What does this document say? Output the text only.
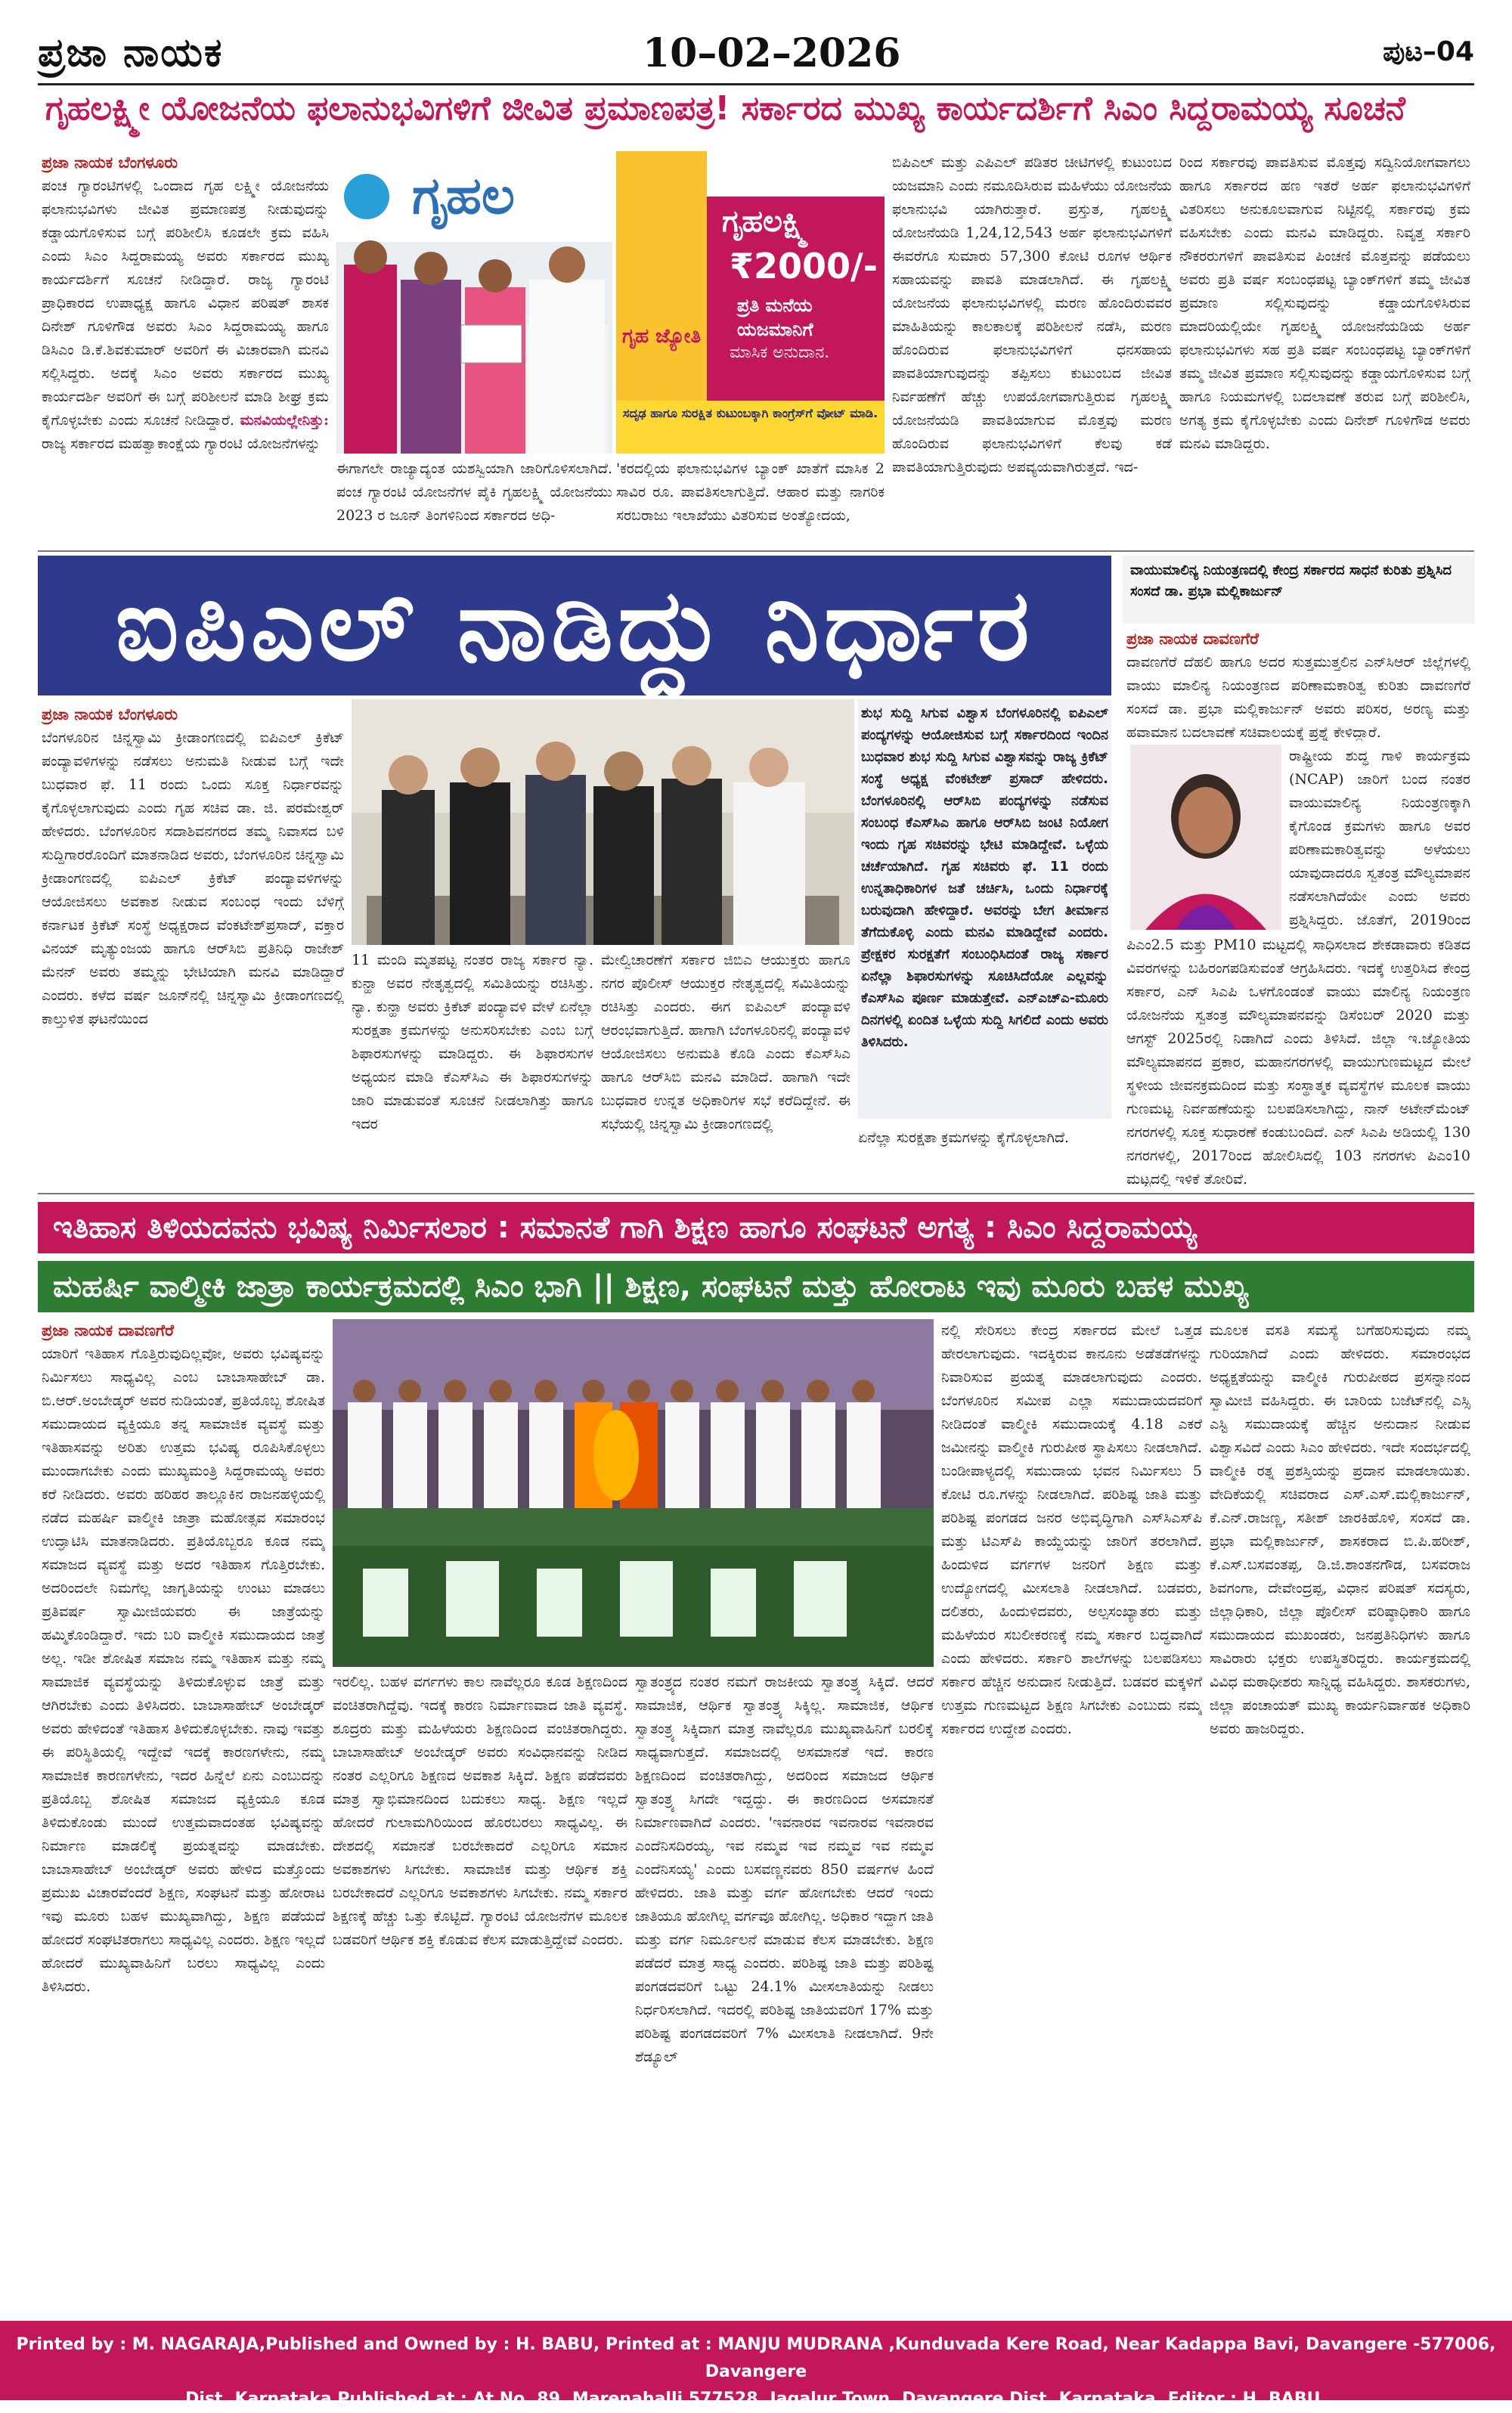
ಪ್ರಜಾ ನಾಯಕ	10–02–2026	ಪುಟ–04
ಗೃಹಲಕ್ಷ್ಮೀ ಯೋಜನೆಯ ಫಲಾನುಭವಿಗಳಿಗೆ ಜೀವಿತ ಪ್ರಮಾಣಪತ್ರ! ಸರ್ಕಾರದ ಮುಖ್ಯ ಕಾರ್ಯದರ್ಶಿಗೆ ಸಿಎಂ ಸಿದ್ದರಾಮಯ್ಯ ಸೂಚನೆ
ಪ್ರಜಾ ನಾಯಕ ಬೆಂಗಳೂರು
ಪಂಚ ಗ್ಯಾರಂಟಿಗಳಲ್ಲಿ ಒಂದಾದ ಗೃಹ ಲಕ್ಷ್ಮೀ ಯೋಜನೆಯ ಫಲಾನುಭವಿಗಳು ಜೀವಿತ ಪ್ರಮಾಣಪತ್ರ ನೀಡುವುದನ್ನು ಕಡ್ಡಾಯಗೊಳಿಸುವ ಬಗ್ಗೆ ಪರಿಶೀಲಿಸಿ ಕೂಡಲೇ ಕ್ರಮ ವಹಿಸಿ ಎಂದು ಸಿಎಂ ಸಿದ್ದರಾಮಯ್ಯ ಅವರು ಸರ್ಕಾರದ ಮುಖ್ಯ ಕಾರ್ಯದರ್ಶಿಗೆ ಸೂಚನೆ ನೀಡಿದ್ದಾರೆ. ರಾಜ್ಯ ಗ್ಯಾರಂಟಿ ಪ್ರಾಧಿಕಾರದ ಉಪಾಧ್ಯಕ್ಷ ಹಾಗೂ ವಿಧಾನ ಪರಿಷತ್ ಶಾಸಕ ದಿನೇಶ್ ಗೂಳಿಗೌಡ ಅವರು ಸಿಎಂ ಸಿದ್ದರಾಮಯ್ಯ ಹಾಗೂ ಡಿಸಿಎಂ ಡಿ.ಕೆ.ಶಿವಕುಮಾರ್ ಅವರಿಗೆ ಈ ವಿಚಾರವಾಗಿ ಮನವಿ ಸಲ್ಲಿಸಿದ್ದರು. ಅದಕ್ಕೆ ಸಿಎಂ ಅವರು ಸರ್ಕಾರದ ಮುಖ್ಯ ಕಾರ್ಯದರ್ಶಿ ಅವರಿಗೆ ಈ ಬಗ್ಗೆ ಪರಿಶೀಲನೆ ಮಾಡಿ ಶೀಘ್ರ ಕ್ರಮ ಕೈಗೊಳ್ಳಬೇಕು ಎಂದು ಸೂಚನೆ ನೀಡಿದ್ದಾರೆ. ಮನವಿಯಲ್ಲೇನಿತ್ತು: ರಾಜ್ಯ ಸರ್ಕಾರದ ಮಹತ್ವಾಕಾಂಕ್ಷೆಯ ಗ್ಯಾರಂಟಿ ಯೋಜನೆಗಳನ್ನು
ಗೃಹಲ	ಗೃಹಲಕ್ಷ್ಮಿ
₹2000/-
ಪ್ರತಿ ಮನೆಯ
ಯಜಮಾನಿಗೆ
ಮಾಸಿಕ ಅನುದಾನ.
ಗೃಹ ಜ್ಯೋತಿ
ಸದೃಢ ಹಾಗೂ ಸುರಕ್ಷಿತ ಕುಟುಂಬಕ್ಕಾಗಿ ಕಾಂಗ್ರೆಸ್‌ಗೆ ವೋಟ್ ಮಾಡಿ.
ಈಗಾಗಲೇ ರಾಜ್ಯಾದ್ಯಂತ ಯಶಸ್ವಿಯಾಗಿ ಜಾರಿಗೊಳಿಸಲಾಗಿದೆ. ಪಂಚ ಗ್ಯಾರಂಟಿ ಯೋಜನೆಗಳ ಪೈಕಿ ಗೃಹಲಕ್ಷ್ಮಿ ಯೋಜನೆಯು 2023 ರ ಜೂನ್ ತಿಂಗಳಿನಿಂದ ಸರ್ಕಾರದ ಅಧಿ-
'ಕರದಲ್ಲಿಯ ಫಲಾನುಭವಿಗಳ ಬ್ಯಾಂಕ್ ಖಾತೆಗೆ ಮಾಸಿಕ 2 ಸಾವಿರ ರೂ. ಪಾವತಿಸಲಾಗುತ್ತಿದೆ. ಆಹಾರ ಮತ್ತು ನಾಗರಿಕ ಸರಬರಾಜು ಇಲಾಖೆಯು ವಿತರಿಸುವ ಅಂತ್ಯೋದಯ,
ಬಿಪಿಎಲ್ ಮತ್ತು ಎಪಿಎಲ್ ಪಡಿತರ ಚೀಟಿಗಳಲ್ಲಿ ಕುಟುಂಬದ ಯಜಮಾನಿ ಎಂದು ನಮೂದಿಸಿರುವ ಮಹಿಳೆಯು ಯೋಜನೆಯ ಫಲಾನುಭವಿ ಯಾಗಿರುತ್ತಾರೆ. ಪ್ರಸ್ತುತ, ಗೃಹಲಕ್ಷ್ಮಿ ಯೋಜನೆಯಡಿ 1,24,12,543 ಅರ್ಹ ಫಲಾನುಭವಿಗಳಿಗೆ ಈವರೆಗೂ ಸುಮಾರು 57,300 ಕೋಟಿ ರೂಗಳ ಆರ್ಥಿಕ ಸಹಾಯವನ್ನು ಪಾವತಿ ಮಾಡಲಾಗಿದೆ. ಈ ಗೃಹಲಕ್ಷ್ಮಿ ಯೋಜನೆಯ ಫಲಾನುಭವಿಗಳಲ್ಲಿ ಮರಣ ಹೊಂದಿರುವವರ ಮಾಹಿತಿಯನ್ನು ಕಾಲಕಾಲಕ್ಕೆ ಪರಿಶೀಲನೆ ನಡೆಸಿ, ಮರಣ ಹೊಂದಿರುವ ಫಲಾನುಭವಿಗಳಿಗೆ ಧನಸಹಾಯ ಪಾವತಿಯಾಗುವುದನ್ನು ತಪ್ಪಿಸಲು ಕುಟುಂಬದ ಜೀವಿತ ನಿರ್ವಹಣೆಗೆ ಹೆಚ್ಚು ಉಪಯೋಗವಾಗುತ್ತಿರುವ ಗೃಹಲಕ್ಷ್ಮಿ ಯೋಜನೆಯಡಿ ಪಾವತಿಯಾಗುವ ಮೊತ್ತವು ಮರಣ ಹೊಂದಿರುವ ಫಲಾನುಭವಿಗಳಿಗೆ ಕೆಲವು ಕಡೆ ಪಾವತಿಯಾಗುತ್ತಿರುವುದು ಅಪವ್ಯಯವಾಗಿರುತ್ತದೆ. ಇದ-
ರಿಂದ ಸರ್ಕಾರವು ಪಾವತಿಸುವ ಮೊತ್ತವು ಸದ್ವಿನಿಯೋಗವಾಗಲು ಹಾಗೂ ಸರ್ಕಾರದ ಹಣ ಇತರೆ ಅರ್ಹ ಫಲಾನುಭವಿಗಳಿಗೆ ವಿತರಿಸಲು ಅನುಕೂಲವಾಗುವ ನಿಟ್ಟಿನಲ್ಲಿ ಸರ್ಕಾರವು ಕ್ರಮ ವಹಿಸಬೇಕು ಎಂದು ಮನವಿ ಮಾಡಿದ್ದರು. ನಿವೃತ್ತ ಸರ್ಕಾರಿ ನೌಕರರುಗಳಿಗೆ ಪಾವತಿಸುವ ಪಿಂಚಣಿ ಮೊತ್ತವನ್ನು ಪಡೆಯಲು ಅವರು ಪ್ರತಿ ವರ್ಷ ಸಂಬಂಧಪಟ್ಟ ಬ್ಯಾಂಕ್‌ಗಳಿಗೆ ತಮ್ಮ ಜೀವಿತ ಪ್ರಮಾಣ ಸಲ್ಲಿಸುವುದನ್ನು ಕಡ್ಡಾಯಗೊಳಿಸಿರುವ ಮಾದರಿಯಲ್ಲಿಯೇ ಗೃಹಲಕ್ಷ್ಮಿ ಯೋಜನೆಯಡಿಯ ಅರ್ಹ ಫಲಾನುಭವಿಗಳು ಸಹ ಪ್ರತಿ ವರ್ಷ ಸಂಬಂಧಪಟ್ಟ ಬ್ಯಾಂಕ್‌ಗಳಿಗೆ ತಮ್ಮ ಜೀವಿತ ಪ್ರಮಾಣ ಸಲ್ಲಿಸುವುದನ್ನು ಕಡ್ಡಾಯಗೊಳಿಸುವ ಬಗ್ಗೆ ಹಾಗೂ ನಿಯಮಗಳಲ್ಲಿ ಬದಲಾವಣೆ ತರುವ ಬಗ್ಗೆ ಪರಿಶೀಲಿಸಿ, ಅಗತ್ಯ ಕ್ರಮ ಕೈಗೊಳ್ಳಬೇಕು ಎಂದು ದಿನೇಶ್ ಗೂಳಿಗೌಡ ಅವರು ಮನವಿ ಮಾಡಿದ್ದರು.
ಐಪಿಎಲ್ ನಾಡಿದ್ದು ನಿರ್ಧಾರ
ಪ್ರಜಾ ನಾಯಕ ಬೆಂಗಳೂರು
ಬೆಂಗಳೂರಿನ ಚಿನ್ನಸ್ವಾಮಿ ಕ್ರೀಡಾಂಗಣದಲ್ಲಿ ಐಪಿಎಲ್ ಕ್ರಿಕೆಟ್ ಪಂದ್ಯಾವಳಿಗಳನ್ನು ನಡೆಸಲು ಅನುಮತಿ ನೀಡುವ ಬಗ್ಗೆ ಇದೇ ಬುಧವಾರ ಫೆ. 11 ರಂದು ಒಂದು ಸೂಕ್ತ ನಿರ್ಧಾರವನ್ನು ಕೈಗೊಳ್ಳಲಾಗುವುದು ಎಂದು ಗೃಹ ಸಚಿವ ಡಾ. ಜಿ. ಪರಮೇಶ್ವರ್ ಹೇಳಿದರು. ಬೆಂಗಳೂರಿನ ಸದಾಶಿವನಗರದ ತಮ್ಮ ನಿವಾಸದ ಬಳಿ ಸುದ್ದಿಗಾರರೊಂದಿಗೆ ಮಾತನಾಡಿದ ಅವರು, ಬೆಂಗಳೂರಿನ ಚಿನ್ನಸ್ವಾಮಿ ಕ್ರೀಡಾಂಗಣದಲ್ಲಿ ಐಪಿಎಲ್ ಕ್ರಿಕೆಟ್ ಪಂದ್ಯಾವಳಿಗಳನ್ನು ಆಯೋಜಿಸಲು ಅವಕಾಶ ನೀಡುವ ಸಂಬಂಧ ಇಂದು ಬೆಳಿಗ್ಗೆ ಕರ್ನಾಟಕ ಕ್ರಿಕೆಟ್ ಸಂಸ್ಥೆ ಅಧ್ಯಕ್ಷರಾದ ವೆಂಕಟೇಶ್‌ಪ್ರಸಾದ್, ವಕ್ತಾರ ವಿನಯ್ ಮೃತ್ಯುಂಜಯ ಹಾಗೂ ಆರ್‌ಸಿಬಿ ಪ್ರತಿನಿಧಿ ರಾಜೇಶ್ ಮೆನನ್ ಅವರು ತಮ್ಮನ್ನು ಭೇಟಿಯಾಗಿ ಮನವಿ ಮಾಡಿದ್ದಾರೆ ಎಂದರು. ಕಳೆದ ವರ್ಷ ಜೂನ್‌ನಲ್ಲಿ ಚಿನ್ನಸ್ವಾಮಿ ಕ್ರೀಡಾಂಗಣದಲ್ಲಿ ಕಾಲ್ತುಳಿತ ಘಟನೆಯಿಂದ
11 ಮಂದಿ ಮೃತಪಟ್ಟ ನಂತರ ರಾಜ್ಯ ಸರ್ಕಾರ ನ್ಯಾ. ಕುನ್ಹಾ ಅವರ ನೇತೃತ್ವದಲ್ಲಿ ಸಮಿತಿಯನ್ನು ರಚಿಸಿತ್ತು. ನ್ಯಾ. ಕುನ್ಹಾ ಅವರು ಕ್ರಿಕೆಟ್ ಪಂದ್ಯಾವಳಿ ವೇಳೆ ಏನೆಲ್ಲಾ ಸುರಕ್ಷತಾ ಕ್ರಮಗಳನ್ನು ಅನುಸರಿಸಬೇಕು ಎಂಬ ಬಗ್ಗೆ ಶಿಫಾರಸುಗಳನ್ನು ಮಾಡಿದ್ದರು. ಈ ಶಿಫಾರಸುಗಳ ಅಧ್ಯಯನ ಮಾಡಿ ಕೆಎಸ್‌ಸಿಎ ಈ ಶಿಫಾರಸುಗಳನ್ನು ಜಾರಿ ಮಾಡುವಂತೆ ಸೂಚನೆ ನೀಡಲಾಗಿತ್ತು ಹಾಗೂ ಇದರ
ಮೇಲ್ವಿಚಾರಣೆಗೆ ಸರ್ಕಾರ ಜಿಬಿಎ ಆಯುಕ್ತರು ಹಾಗೂ ನಗರ ಪೊಲೀಸ್ ಆಯುಕ್ತರ ನೇತೃತ್ವದಲ್ಲಿ ಸಮಿತಿಯನ್ನು ರಚಿಸಿತ್ತು ಎಂದರು. ಈಗ ಐಪಿಎಲ್ ಪಂದ್ಯಾವಳಿ ಆರಂಭವಾಗುತ್ತಿದೆ. ಹಾಗಾಗಿ ಬೆಂಗಳೂರಿನಲ್ಲಿ ಪಂದ್ಯಾವಳಿ ಆಯೋಜಿಸಲು ಅನುಮತಿ ಕೊಡಿ ಎಂದು ಕೆಎಸ್‌ಸಿಎ ಹಾಗೂ ಆರ್‌ಸಿಬಿ ಮನವಿ ಮಾಡಿದೆ. ಹಾಗಾಗಿ ಇದೇ ಬುಧವಾರ ಉನ್ನತ ಅಧಿಕಾರಿಗಳ ಸಭೆ ಕರೆದಿದ್ದೇನೆ. ಈ ಸಭೆಯಲ್ಲಿ ಚಿನ್ನಸ್ವಾಮಿ ಕ್ರೀಡಾಂಗಣದಲ್ಲಿ
ಶುಭ ಸುದ್ದಿ ಸಿಗುವ ವಿಶ್ವಾಸ ಬೆಂಗಳೂರಿನಲ್ಲಿ ಐಪಿಎಲ್ ಪಂದ್ಯಗಳನ್ನು ಆಯೋಜಿಸುವ ಬಗ್ಗೆ ಸರ್ಕಾರದಿಂದ ಇಂದಿನ ಬುಧವಾರ ಶುಭ ಸುದ್ದಿ ಸಿಗುವ ವಿಶ್ವಾಸವನ್ನು ರಾಜ್ಯ ಕ್ರಿಕೆಟ್ ಸಂಸ್ಥೆ ಅಧ್ಯಕ್ಷ ವೆಂಕಟೇಶ್ ಪ್ರಸಾದ್ ಹೇಳಿದರು. ಬೆಂಗಳೂರಿನಲ್ಲಿ ಆರ್‌ಸಿಬಿ ಪಂದ್ಯಗಳನ್ನು ನಡೆಸುವ ಸಂಬಂಧ ಕೆಎಸ್‌ಸಿಎ ಹಾಗೂ ಆರ್‌ಸಿಬಿ ಜಂಟಿ ನಿಯೋಗ ಇಂದು ಗೃಹ ಸಚಿವರನ್ನು ಭೇಟಿ ಮಾಡಿದ್ದೇವೆ. ಒಳ್ಳೆಯ ಚರ್ಚೆಯಾಗಿದೆ. ಗೃಹ ಸಚಿವರು ಫೆ. 11 ರಂದು ಉನ್ನತಾಧಿಕಾರಿಗಳ ಜತೆ ಚರ್ಚಿಸಿ, ಒಂದು ನಿರ್ಧಾರಕ್ಕೆ ಬರುವುದಾಗಿ ಹೇಳಿದ್ದಾರೆ. ಅವರನ್ನು ಬೇಗ ತೀರ್ಮಾನ ತೆಗೆದುಕೊಳ್ಳಿ ಎಂದು ಮನವಿ ಮಾಡಿದ್ದೇವೆ ಎಂದರು. ಪ್ರೇಕ್ಷಕರ ಸುರಕ್ಷತೆಗೆ ಸಂಬಂಧಿಸಿದಂತೆ ರಾಜ್ಯ ಸರ್ಕಾರ ಏನೆಲ್ಲಾ ಶಿಫಾರಸುಗಳನ್ನು ಸೂಚಿಸಿದೆಯೋ ಎಲ್ಲವನ್ನು ಕೆಎಸ್‌ಸಿಎ ಪೂರ್ಣ ಮಾಡುತ್ತೇವೆ. ಎನ್‌ಎಚ್‌ಎ-ಮೂರು ದಿನಗಳಲ್ಲಿ ಏಂದಿತ ಒಳ್ಳೆಯ ಸುದ್ದಿ ಸಿಗಲಿದೆ ಎಂದು ಅವರು ತಿಳಿಸಿದರು.
ಏನೆಲ್ಲಾ ಸುರಕ್ಷತಾ ಕ್ರಮಗಳನ್ನು ಕೈಗೊಳ್ಳಲಾಗಿದೆ.
ವಾಯುಮಾಲಿನ್ಯ ನಿಯಂತ್ರಣದಲ್ಲಿ ಕೇಂದ್ರ ಸರ್ಕಾರದ ಸಾಧನೆ ಕುರಿತು ಪ್ರಶ್ನಿಸಿದ ಸಂಸದೆ ಡಾ. ಪ್ರಭಾ ಮಲ್ಲಿಕಾರ್ಜುನ್
ಪ್ರಜಾ ನಾಯಕ ದಾವಣಗೆರೆ
ದಾವಣಗೆರೆ ದೆಹಲಿ ಹಾಗೂ ಅದರ ಸುತ್ತಮುತ್ತಲಿನ ಎನ್‌ಸಿಆರ್ ಜಿಲ್ಲೆಗಳಲ್ಲಿ ವಾಯು ಮಾಲಿನ್ಯ ನಿಯಂತ್ರಣದ ಪರಿಣಾಮಕಾರಿತ್ವ ಕುರಿತು ದಾವಣಗೆರೆ ಸಂಸದೆ ಡಾ. ಪ್ರಭಾ ಮಲ್ಲಿಕಾರ್ಜುನ್ ಅವರು ಪರಿಸರ, ಅರಣ್ಯ ಮತ್ತು ಹವಾಮಾನ ಬದಲಾವಣೆ ಸಚಿವಾಲಯಕ್ಕೆ ಪ್ರಶ್ನೆ ಕೇಳಿದ್ದಾರೆ.
ರಾಷ್ಟ್ರೀಯ ಶುದ್ಧ ಗಾಳಿ ಕಾರ್ಯಕ್ರಮ (NCAP) ಜಾರಿಗೆ ಬಂದ ನಂತರ ವಾಯುಮಾಲಿನ್ಯ ನಿಯಂತ್ರಣಕ್ಕಾಗಿ ಕೈಗೊಂಡ ಕ್ರಮಗಳು ಹಾಗೂ ಅವರ ಪರಿಣಾಮಕಾರಿತ್ವವನ್ನು ಅಳೆಯಲು ಯಾವುದಾದರೂ ಸ್ವತಂತ್ರ ಮೌಲ್ಯಮಾಪನ ನಡೆಸಲಾಗಿದೆಯೇ ಎಂದು ಅವರು ಪ್ರಶ್ನಿಸಿದ್ದರು. ಜೊತೆಗೆ, 2019ರಿಂದ
ಪಿಎಂ2.5 ಮತ್ತು PM10 ಮಟ್ಟದಲ್ಲಿ ಸಾಧಿಸಲಾದ ಶೇಕಡಾವಾರು ಕಡಿತದ ವಿವರಗಳನ್ನು ಬಹಿರಂಗಪಡಿಸುವಂತೆ ಆಗ್ರಹಿಸಿದರು. ಇದಕ್ಕೆ ಉತ್ತರಿಸಿದ ಕೇಂದ್ರ ಸರ್ಕಾರ, ಎನ್ ಸಿಎಪಿ ಒಳಗೊಂಡಂತೆ ವಾಯು ಮಾಲಿನ್ಯ ನಿಯಂತ್ರಣ ಯೋಜನೆಯ ಸ್ವತಂತ್ರ ಮೌಲ್ಯಮಾಪನವನ್ನು ಡಿಸೆಂಬರ್ 2020 ಮತ್ತು ಆಗಸ್ಟ್ 2025ರಲ್ಲಿ ನಿಡಾಗಿದೆ ಎಂದು ತಿಳಿಸಿದೆ. ಜಿಲ್ಲಾ ಇ.ಜ್ಯೋತಿಯ ಮೌಲ್ಯಮಾಪನದ ಪ್ರಕಾರ, ಮಹಾನಗರಗಳಲ್ಲಿ ವಾಯುಗುಣಮಟ್ಟದ ಮೇಲೆ ಸ್ಥಳೀಯ ಜೀವನಕ್ರಮದಿಂದ ಮತ್ತು ಸಂಸ್ಥಾತ್ಮಕ ವ್ಯವಸ್ಥೆಗಳ ಮೂಲಕ ವಾಯು ಗುಣಮಟ್ಟ ನಿರ್ವಹಣೆಯನ್ನು ಬಲಪಡಿಸಲಾಗಿದ್ದು, ನಾನ್ ಅಟೇನ್‌ಮೆಂಟ್ ನಗರಗಳಲ್ಲಿ ಸೂಕ್ತ ಸುಧಾರಣೆ ಕಂಡುಬಂದಿದೆ. ಎನ್ ಸಿಎಪಿ ಅಡಿಯಲ್ಲಿ 130 ನಗರಗಳಲ್ಲಿ, 2017ರಿಂದ ಹೋಲಿಸಿದಲ್ಲಿ 103 ನಗರಗಳು ಪಿಎಂ10 ಮಟ್ಟದಲ್ಲಿ ಇಳಿಕೆ ತೋರಿವೆ.
ಇತಿಹಾಸ ತಿಳಿಯದವನು ಭವಿಷ್ಯ ನಿರ್ಮಿಸಲಾರ : ಸಮಾನತೆ ಗಾಗಿ ಶಿಕ್ಷಣ ಹಾಗೂ ಸಂಘಟನೆ ಅಗತ್ಯ : ಸಿಎಂ ಸಿದ್ದರಾಮಯ್ಯ
ಮಹರ್ಷಿ ವಾಲ್ಮೀಕಿ ಜಾತ್ರಾ ಕಾರ್ಯಕ್ರಮದಲ್ಲಿ ಸಿಎಂ ಭಾಗಿ || ಶಿಕ್ಷಣ, ಸಂಘಟನೆ ಮತ್ತು ಹೋರಾಟ ಇವು ಮೂರು ಬಹಳ ಮುಖ್ಯ
ಪ್ರಜಾ ನಾಯಕ ದಾವಣಗೆರೆ
ಯಾರಿಗೆ ಇತಿಹಾಸ ಗೊತ್ತಿರುವುದಿಲ್ಲವೋ, ಅವರು ಭವಿಷ್ಯವನ್ನು ನಿರ್ಮಿಸಲು ಸಾಧ್ಯವಿಲ್ಲ ಎಂಬ ಬಾಬಾಸಾಹೇಬ್ ಡಾ. ಬಿ.ಆರ್.ಅಂಬೇಡ್ಕರ್ ಅವರ ನುಡಿಯಂತೆ, ಪ್ರತಿಯೊಬ್ಬ ಶೋಷಿತ ಸಮುದಾಯದ ವ್ಯಕ್ತಿಯೂ ತನ್ನ ಸಾಮಾಜಿಕ ವ್ಯವಸ್ಥೆ ಮತ್ತು ಇತಿಹಾಸವನ್ನು ಅರಿತು ಉತ್ತಮ ಭವಿಷ್ಯ ರೂಪಿಸಿಕೊಳ್ಳಲು ಮುಂದಾಗಬೇಕು ಎಂದು ಮುಖ್ಯಮಂತ್ರಿ ಸಿದ್ದರಾಮಯ್ಯ ಅವರು ಕರೆ ನೀಡಿದರು. ಅವರು ಹರಿಹರ ತಾಲ್ಲೂಕಿನ ರಾಜನಹಳ್ಳಿಯಲ್ಲಿ ನಡೆದ ಮಹರ್ಷಿ ವಾಲ್ಮೀಕಿ ಜಾತ್ರಾ ಮಹೋತ್ಸವ ಸಮಾರಂಭ ಉದ್ಘಾಟಿಸಿ ಮಾತನಾಡಿದರು. ಪ್ರತಿಯೊಬ್ಬರೂ ಕೂಡ ನಮ್ಮ ಸಮಾಜದ ವ್ಯವಸ್ಥೆ ಮತ್ತು ಅದರ ಇತಿಹಾಸ ಗೊತ್ತಿರಬೇಕು. ಅದರಿಂದಲೇ ನಿಮಗೆಲ್ಲ ಜಾಗೃತಿಯನ್ನು ಉಂಟು ಮಾಡಲು ಪ್ರತಿವರ್ಷ ಸ್ವಾಮೀಜಿಯವರು ಈ ಜಾತ್ರೆಯನ್ನು ಹಮ್ಮಿಕೊಂಡಿದ್ದಾರೆ. ಇದು ಬರಿ ವಾಲ್ಮೀಕಿ ಸಮುದಾಯದ ಜಾತ್ರೆ ಅಲ್ಲ. ಇಡೀ ಶೋಷಿತ ಸಮಾಜ ನಮ್ಮ ಇತಿಹಾಸ ಮತ್ತು ನಮ್ಮ ಸಾಮಾಜಿಕ ವ್ಯವಸ್ಥೆಯನ್ನು ತಿಳಿದುಕೊಳ್ಳುವ ಜಾತ್ರೆ ಮತ್ತು ಆಗಿರಬೇಕು ಎಂದು ತಿಳಿಸಿದರು. ಬಾಬಾಸಾಹೇಬ್ ಅಂಬೇಡ್ಕರ್ ಅವರು ಹೇಳಿದಂತೆ ಇತಿಹಾಸ ತಿಳಿದುಕೊಳ್ಳಬೇಕು. ನಾವು ಇವತ್ತು ಈ ಪರಿಸ್ಥಿತಿಯಲ್ಲಿ ಇದ್ದೇವೆ ಇದಕ್ಕೆ ಕಾರಣಗಳೇನು, ನಮ್ಮ ಸಾಮಾಜಿಕ ಕಾರಣಗಳೇನು, ಇದರ ಹಿನ್ನೆಲೆ ಏನು ಎಂಬುದನ್ನು ಪ್ರತಿಯೊಬ್ಬ ಶೋಷಿತ ಸಮಾಜದ ವ್ಯಕ್ತಿಯೂ ಕೂಡ ತಿಳಿದುಕೊಂಡು ಮುಂದೆ ಉತ್ತಮವಾದಂತಹ ಭವಿಷ್ಯವನ್ನು ನಿರ್ಮಾಣ ಮಾಡಲಿಕ್ಕೆ ಪ್ರಯತ್ನವನ್ನು ಮಾಡಬೇಕು. ಬಾಬಾಸಾಹೇಬ್ ಅಂಬೇಡ್ಕರ್ ಅವರು ಹೇಳಿದ ಮತ್ತೊಂದು ಪ್ರಮುಖ ವಿಚಾರವೆಂದರೆ ಶಿಕ್ಷಣ, ಸಂಘಟನೆ ಮತ್ತು ಹೋರಾಟ ಇವು ಮೂರು ಬಹಳ ಮುಖ್ಯವಾಗಿದ್ದು, ಶಿಕ್ಷಣ ಪಡೆಯದೆ ಹೋದರೆ ಸಂಘಟಿತರಾಗಲು ಸಾಧ್ಯವಿಲ್ಲ ಎಂದರು. ಶಿಕ್ಷಣ ಇಲ್ಲದೆ ಹೋದರೆ ಮುಖ್ಯವಾಹಿನಿಗೆ ಬರಲು ಸಾಧ್ಯವಿಲ್ಲ ಎಂದು ತಿಳಿಸಿದರು.
ಇರಲಿಲ್ಲ. ಬಹಳ ವರ್ಗಗಳು ಕಾಲ ನಾವೆಲ್ಲರೂ ಕೂಡ ಶಿಕ್ಷಣದಿಂದ ವಂಚಿತರಾಗಿದ್ದೆವು. ಇದಕ್ಕೆ ಕಾರಣ ನಿರ್ಮಾಣವಾದ ಜಾತಿ ವ್ಯವಸ್ಥೆ. ಶೂದ್ರರು ಮತ್ತು ಮಹಿಳೆಯರು ಶಿಕ್ಷಣದಿಂದ ವಂಚಿತರಾಗಿದ್ದರು. ಬಾಬಾಸಾಹೇಬ್ ಅಂಬೇಡ್ಕರ್ ಅವರು ಸಂವಿಧಾನವನ್ನು ನೀಡಿದ ನಂತರ ಎಲ್ಲರಿಗೂ ಶಿಕ್ಷಣದ ಅವಕಾಶ ಸಿಕ್ಕಿದೆ. ಶಿಕ್ಷಣ ಪಡೆದವರು ಮಾತ್ರ ಸ್ವಾಭಿಮಾನದಿಂದ ಬದುಕಲು ಸಾಧ್ಯ. ಶಿಕ್ಷಣ ಇಲ್ಲದೆ ಹೋದರೆ ಗುಲಾಮಗಿರಿಯಿಂದ ಹೊರಬರಲು ಸಾಧ್ಯವಿಲ್ಲ. ಈ ದೇಶದಲ್ಲಿ ಸಮಾನತೆ ಬರಬೇಕಾದರೆ ಎಲ್ಲರಿಗೂ ಸಮಾನ ಅವಕಾಶಗಳು ಸಿಗಬೇಕು. ಸಾಮಾಜಿಕ ಮತ್ತು ಆರ್ಥಿಕ ಶಕ್ತಿ ಬರಬೇಕಾದರೆ ಎಲ್ಲರಿಗೂ ಅವಕಾಶಗಳು ಸಿಗಬೇಕು. ನಮ್ಮ ಸರ್ಕಾರ ಶಿಕ್ಷಣಕ್ಕೆ ಹೆಚ್ಚು ಒತ್ತು ಕೊಟ್ಟಿದೆ. ಗ್ಯಾರಂಟಿ ಯೋಜನೆಗಳ ಮೂಲಕ ಬಡವರಿಗೆ ಆರ್ಥಿಕ ಶಕ್ತಿ ಕೊಡುವ ಕೆಲಸ ಮಾಡುತ್ತಿದ್ದೇವೆ ಎಂದರು.
ಸ್ವಾತಂತ್ರ್ಯದ ನಂತರ ನಮಗೆ ರಾಜಕೀಯ ಸ್ವಾತಂತ್ರ್ಯ ಸಿಕ್ಕಿದೆ. ಆದರೆ ಸಾಮಾಜಿಕ, ಆರ್ಥಿಕ ಸ್ವಾತಂತ್ರ್ಯ ಸಿಕ್ಕಿಲ್ಲ. ಸಾಮಾಜಿಕ, ಆರ್ಥಿಕ ಸ್ವಾತಂತ್ರ್ಯ ಸಿಕ್ಕಿದಾಗ ಮಾತ್ರ ನಾವೆಲ್ಲರೂ ಮುಖ್ಯವಾಹಿನಿಗೆ ಬರಲಿಕ್ಕೆ ಸಾಧ್ಯವಾಗುತ್ತದೆ. ಸಮಾಜದಲ್ಲಿ ಅಸಮಾನತೆ ಇದೆ. ಕಾರಣ ಶಿಕ್ಷಣದಿಂದ ವಂಚಿತರಾಗಿದ್ದು, ಅದರಿಂದ ಸಮಾಜದ ಆರ್ಥಿಕ ಸ್ವಾತಂತ್ರ್ಯ ಸಿಗದೇ ಇದ್ದದ್ದು. ಈ ಕಾರಣದಿಂದ ಅಸಮಾನತೆ ನಿರ್ಮಾಣವಾಗಿದೆ ಎಂದರು. 'ಇವನಾರವ ಇವನಾರವ ಇವನಾರವ ಎಂದೆನಿಸದಿರಯ್ಯ, ಇವ ನಮ್ಮವ ಇವ ನಮ್ಮವ ಇವ ನಮ್ಮವ ಎಂದೆನಿಸಯ್ಯ' ಎಂದು ಬಸವಣ್ಣನವರು 850 ವರ್ಷಗಳ ಹಿಂದೆ ಹೇಳಿದರು. ಜಾತಿ ಮತ್ತು ವರ್ಗ ಹೋಗಬೇಕು ಆದರೆ ಇಂದು ಜಾತಿಯೂ ಹೋಗಿಲ್ಲ ವರ್ಗವೂ ಹೋಗಿಲ್ಲ. ಅಧಿಕಾರ ಇದ್ದಾಗ ಜಾತಿ ಮತ್ತು ವರ್ಗ ನಿರ್ಮೂಲನೆ ಮಾಡುವ ಕೆಲಸ ಮಾಡಬೇಕು. ಶಿಕ್ಷಣ ಪಡೆದರೆ ಮಾತ್ರ ಸಾಧ್ಯ ಎಂದರು. ಪರಿಶಿಷ್ಟ ಜಾತಿ ಮತ್ತು ಪರಿಶಿಷ್ಟ ಪಂಗಡದವರಿಗೆ ಒಟ್ಟು 24.1% ಮೀಸಲಾತಿಯನ್ನು ನೀಡಲು ನಿರ್ಧರಿಸಲಾಗಿದೆ. ಇದರಲ್ಲಿ ಪರಿಶಿಷ್ಟ ಜಾತಿಯವರಿಗೆ 17% ಮತ್ತು ಪರಿಶಿಷ್ಟ ಪಂಗಡದವರಿಗೆ 7% ಮೀಸಲಾತಿ ನೀಡಲಾಗಿದೆ. 9ನೇ ಶೆಡ್ಯೂಲ್
ನಲ್ಲಿ ಸೇರಿಸಲು ಕೇಂದ್ರ ಸರ್ಕಾರದ ಮೇಲೆ ಒತ್ತಡ ಹೇರಲಾಗುವುದು. ಇದಕ್ಕಿರುವ ಕಾನೂನು ಅಡೆತಡೆಗಳನ್ನು ನಿವಾರಿಸುವ ಪ್ರಯತ್ನ ಮಾಡಲಾಗುವುದು ಎಂದರು. ಬೆಂಗಳೂರಿನ ಸಮೀಪ ಎಲ್ಲಾ ಸಮುದಾಯದವರಿಗೆ ನೀಡಿದಂತೆ ವಾಲ್ಮೀಕಿ ಸಮುದಾಯಕ್ಕೆ 4.18 ಎಕರೆ ಜಮೀನನ್ನು ವಾಲ್ಮೀಕಿ ಗುರುಪೀಠ ಸ್ಥಾಪಿಸಲು ನೀಡಲಾಗಿದೆ. ಬಂಡೀಪಾಳ್ಯದಲ್ಲಿ ಸಮುದಾಯ ಭವನ ನಿರ್ಮಿಸಲು 5 ಕೋಟಿ ರೂ.ಗಳನ್ನು ನೀಡಲಾಗಿದೆ. ಪರಿಶಿಷ್ಟ ಜಾತಿ ಮತ್ತು ಪರಿಶಿಷ್ಟ ಪಂಗಡದ ಜನರ ಅಭಿವೃದ್ಧಿಗಾಗಿ ಎಸ್‌ಸಿಎಸ್‌ಪಿ ಮತ್ತು ಟಿಎಸ್‌ಪಿ ಕಾಯ್ದೆಯನ್ನು ಜಾರಿಗೆ ತರಲಾಗಿದೆ. ಹಿಂದುಳಿದ ವರ್ಗಗಳ ಜನರಿಗೆ ಶಿಕ್ಷಣ ಮತ್ತು ಉದ್ಯೋಗದಲ್ಲಿ ಮೀಸಲಾತಿ ನೀಡಲಾಗಿದೆ. ಬಡವರು, ದಲಿತರು, ಹಿಂದುಳಿದವರು, ಅಲ್ಪಸಂಖ್ಯಾತರು ಮತ್ತು ಮಹಿಳೆಯರ ಸಬಲೀಕರಣಕ್ಕೆ ನಮ್ಮ ಸರ್ಕಾರ ಬದ್ಧವಾಗಿದೆ ಎಂದು ಹೇಳಿದರು. ಸರ್ಕಾರಿ ಶಾಲೆಗಳನ್ನು ಬಲಪಡಿಸಲು ಸರ್ಕಾರ ಹೆಚ್ಚಿನ ಅನುದಾನ ನೀಡುತ್ತಿದೆ. ಬಡವರ ಮಕ್ಕಳಿಗೆ ಉತ್ತಮ ಗುಣಮಟ್ಟದ ಶಿಕ್ಷಣ ಸಿಗಬೇಕು ಎಂಬುದು ನಮ್ಮ ಸರ್ಕಾರದ ಉದ್ದೇಶ ಎಂದರು.
ಮೂಲಕ ವಸತಿ ಸಮಸ್ಯೆ ಬಗೆಹರಿಸುವುದು ನಮ್ಮ ಗುರಿಯಾಗಿದೆ ಎಂದು ಹೇಳಿದರು. ಸಮಾರಂಭದ ಅಧ್ಯಕ್ಷತೆಯನ್ನು ವಾಲ್ಮೀಕಿ ಗುರುಪೀಠದ ಪ್ರಸನ್ನಾನಂದ ಸ್ವಾಮೀಜಿ ವಹಿಸಿದ್ದರು. ಈ ಬಾರಿಯ ಬಜೆಟ್‌ನಲ್ಲಿ ಎಸ್ಸಿ ಎಸ್ಟಿ ಸಮುದಾಯಕ್ಕೆ ಹೆಚ್ಚಿನ ಅನುದಾನ ನೀಡುವ ವಿಶ್ವಾಸವಿದೆ ಎಂದು ಸಿಎಂ ಹೇಳಿದರು. ಇದೇ ಸಂದರ್ಭದಲ್ಲಿ ವಾಲ್ಮೀಕಿ ರತ್ನ ಪ್ರಶಸ್ತಿಯನ್ನು ಪ್ರದಾನ ಮಾಡಲಾಯಿತು. ವೇದಿಕೆಯಲ್ಲಿ ಸಚಿವರಾದ ಎಸ್.ಎಸ್.ಮಲ್ಲಿಕಾರ್ಜುನ್, ಕೆ.ಎನ್.ರಾಜಣ್ಣ, ಸತೀಶ್ ಜಾರಕಿಹೊಳಿ, ಸಂಸದೆ ಡಾ. ಪ್ರಭಾ ಮಲ್ಲಿಕಾರ್ಜುನ್, ಶಾಸಕರಾದ ಬಿ.ಪಿ.ಹರೀಶ್, ಕೆ.ಎಸ್.ಬಸವಂತಪ್ಪ, ಡಿ.ಜಿ.ಶಾಂತನಗೌಡ, ಬಸವರಾಜ ಶಿವಗಂಗಾ, ದೇವೇಂದ್ರಪ್ಪ, ವಿಧಾನ ಪರಿಷತ್ ಸದಸ್ಯರು, ಜಿಲ್ಲಾಧಿಕಾರಿ, ಜಿಲ್ಲಾ ಪೊಲೀಸ್ ವರಿಷ್ಠಾಧಿಕಾರಿ ಹಾಗೂ ಸಮುದಾಯದ ಮುಖಂಡರು, ಜನಪ್ರತಿನಿಧಿಗಳು ಹಾಗೂ ಸಾವಿರಾರು ಭಕ್ತರು ಉಪಸ್ಥಿತರಿದ್ದರು. ಕಾರ್ಯಕ್ರಮದಲ್ಲಿ ವಿವಿಧ ಮಠಾಧೀಶರು ಸಾನ್ನಿಧ್ಯ ವಹಿಸಿದ್ದರು. ಶಾಸಕರುಗಳು, ಜಿಲ್ಲಾ ಪಂಚಾಯತ್ ಮುಖ್ಯ ಕಾರ್ಯನಿರ್ವಾಹಕ ಅಧಿಕಾರಿ ಅವರು ಹಾಜರಿದ್ದರು.
Printed by : M. NAGARAJA,Published and Owned by : H. BABU, Printed at : MANJU MUDRANA ,Kunduvada Kere Road, Near Kadappa Bavi, Davangere -577006, Davangere
Dist, Karnataka Published at : At No .89, Marenahalli 577528, Jagalur Town, Davangere Dist, Karnataka. Editor : H. BABU.
